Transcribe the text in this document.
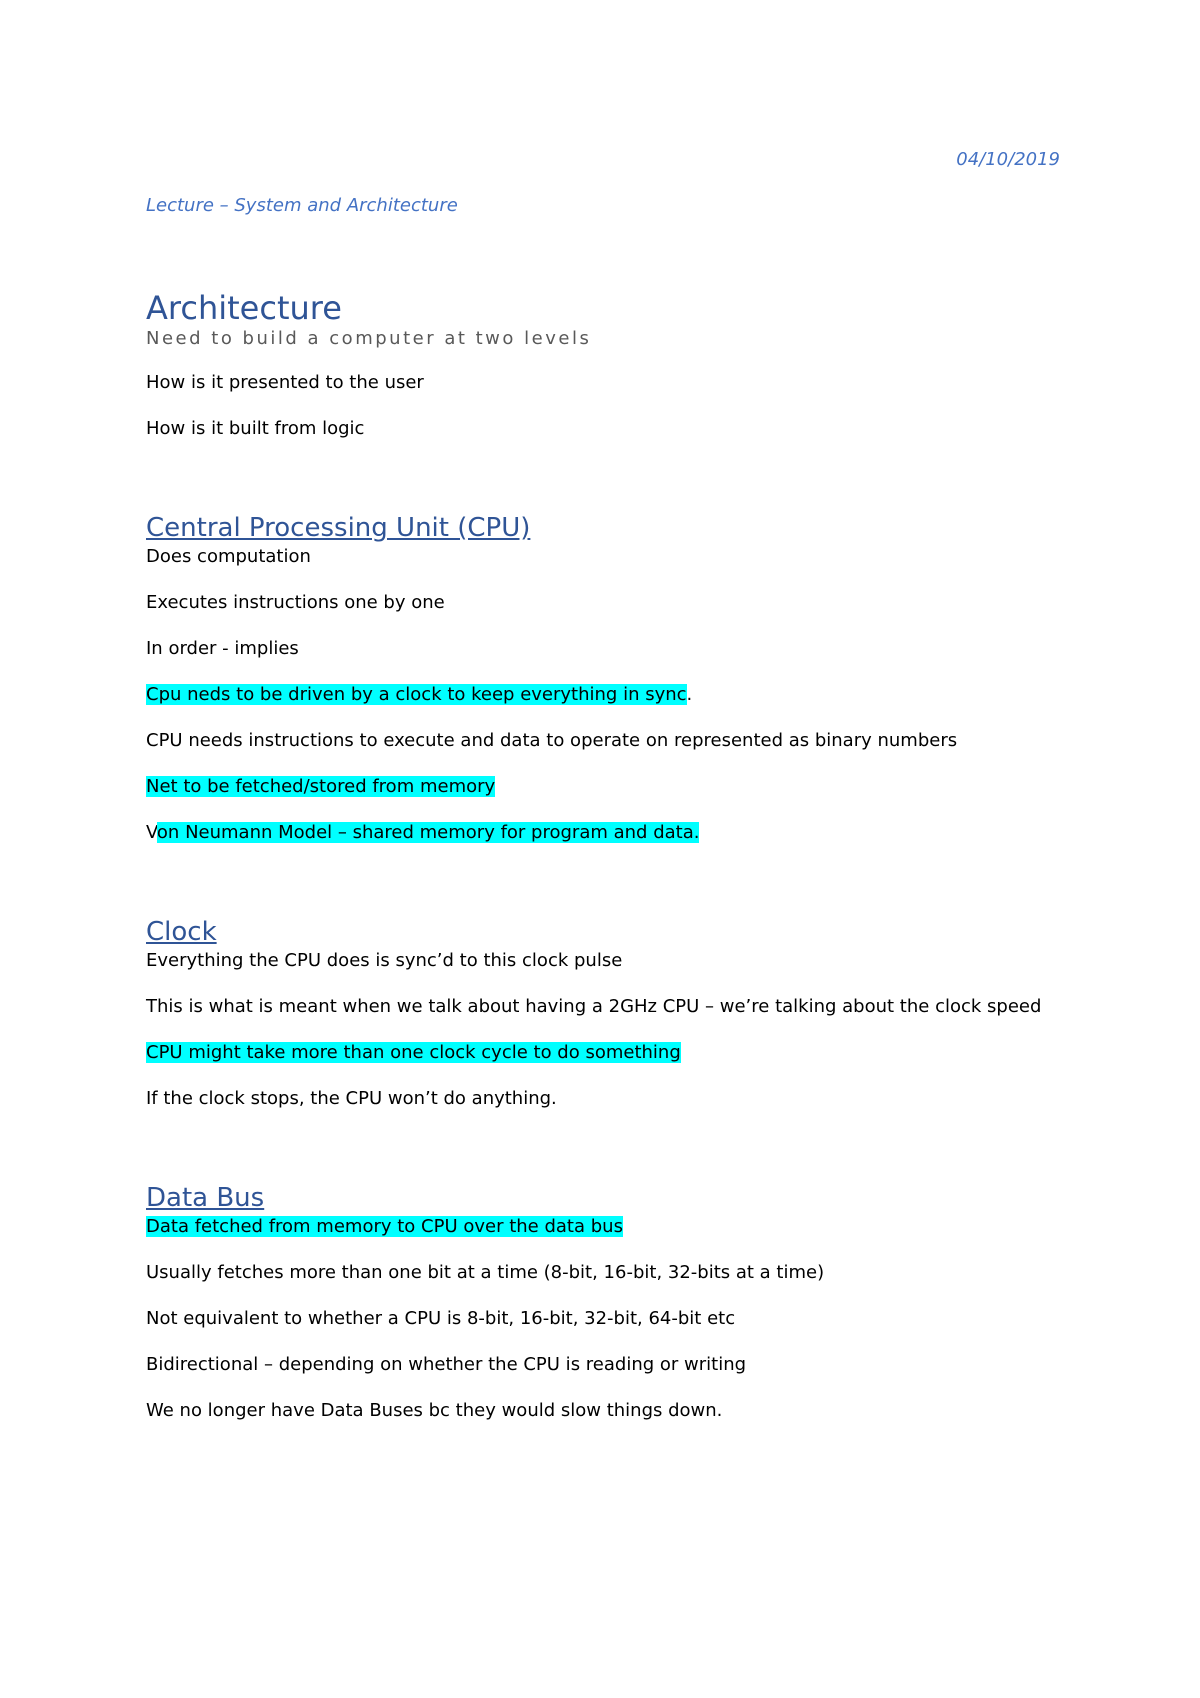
04/10/2019
Lecture – System and Architecture
Architecture

Need to build a computer at two levels

How is it presented to the user

How is it built from logic

Central Processing Unit (CPU)

Does computation

Executes instructions one by one

In order - implies

Cpu neds to be driven by a clock to keep everything in sync.

CPU needs instructions to execute and data to operate on represented as binary numbers

Net to be fetched/stored from memory

Von Neumann Model – shared memory for program and data.

Clock

Everything the CPU does is sync’d to this clock pulse

This is what is meant when we talk about having a 2GHz CPU – we’re talking about the clock speed

CPU might take more than one clock cycle to do something

If the clock stops, the CPU won’t do anything.

Data Bus

Data fetched from memory to CPU over the data bus

Usually fetches more than one bit at a time (8-bit, 16-bit, 32-bits at a time)

Not equivalent to whether a CPU is 8-bit, 16-bit, 32-bit, 64-bit etc

Bidirectional – depending on whether the CPU is reading or writing

We no longer have Data Buses bc they would slow things down.
